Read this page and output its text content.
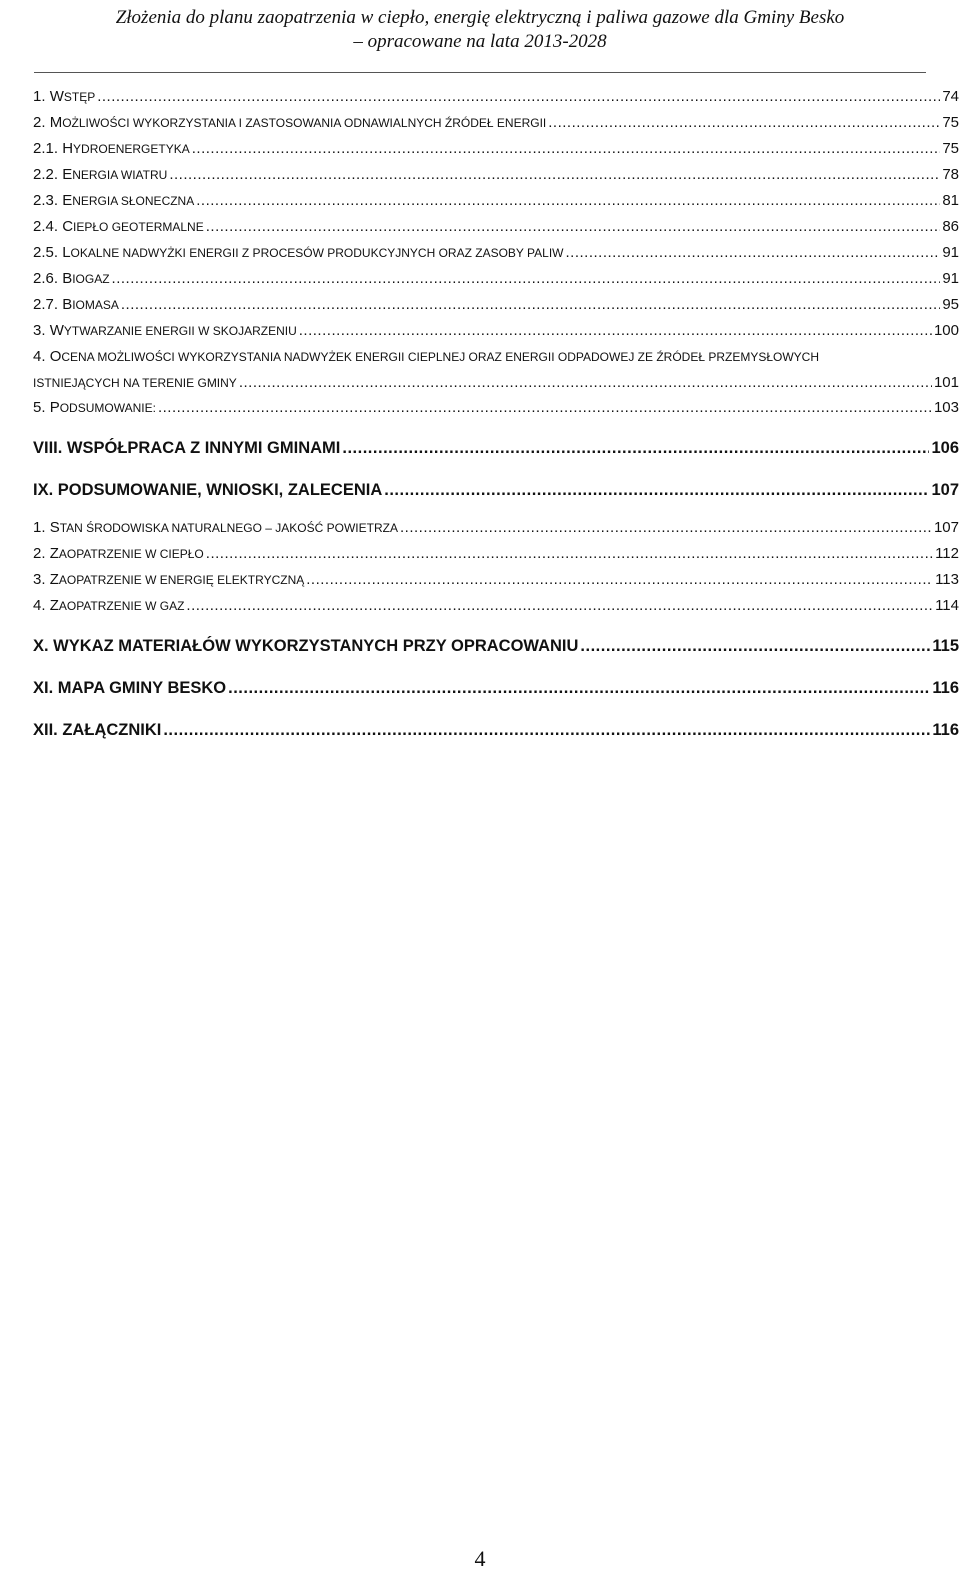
Złożenia do planu zaopatrzenia w ciepło, energię elektryczną i paliwa gazowe dla Gminy Besko
– opracowane na lata 2013-2028
1. WSTĘP .....	74
2. MOŻLIWOŚCI WYKORZYSTANIA I ZASTOSOWANIA ODNAWIALNYCH ŹRÓDEŁ ENERGII .....	75
2.1. HYDROENERGETYKA .....	75
2.2. ENERGIA WIATRU .....	78
2.3. ENERGIA SŁONECZNA .....	81
2.4. CIEPŁO GEOTERMALNE .....	86
2.5. LOKALNE NADWYŻKI ENERGII Z PROCESÓW PRODUKCYJNYCH ORAZ ZASOBY PALIW .....	91
2.6. BIOGAZ .....	91
2.7. BIOMASA .....	95
3. WYTWARZANIE ENERGII W SKOJARZENIU .....	100
4. OCENA MOŻLIWOŚCI WYKORZYSTANIA NADWYŻEK ENERGII CIEPLNEJ ORAZ ENERGII ODPADOWEJ ZE ŹRÓDEŁ PRZEMYSŁOWYCH
ISTNIEJĄCYCH NA TERENIE GMINY .....	101
5. PODSUMOWANIE: .....	103
VIII. WSPÓŁPRACA Z INNYMI GMINAMI .....	106
IX. PODSUMOWANIE, WNIOSKI, ZALECENIA .....	107
1. STAN ŚRODOWISKA NATURALNEGO – JAKOŚĆ POWIETRZA .....	107
2. ZAOPATRZENIE W CIEPŁO .....	112
3. ZAOPATRZENIE W ENERGIĘ ELEKTRYCZNĄ .....	113
4. ZAOPATRZENIE W GAZ .....	114
X. WYKAZ MATERIAŁÓW WYKORZYSTANYCH PRZY OPRACOWANIU .....	115
XI. MAPA GMINY BESKO .....	116
XII. ZAŁĄCZNIKI .....	116
4
